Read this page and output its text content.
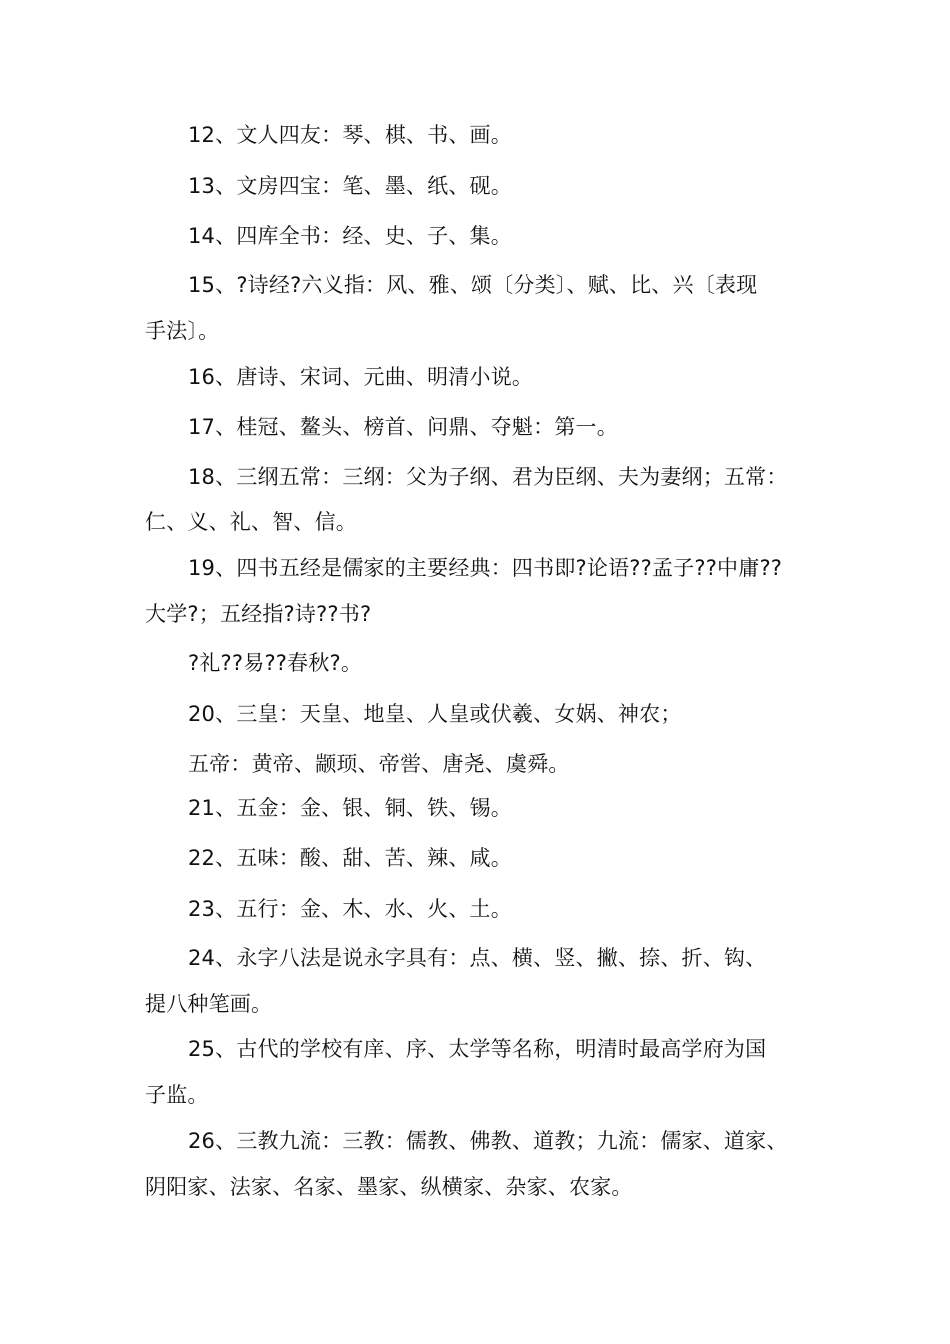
12、文人四友：琴、棋、书、画。
13、文房四宝：笔、墨、纸、砚。
14、四库全书：经、史、子、集。
15、?诗经?六义指：风、雅、颂〔分类〕、赋、比、兴〔表现
手法〕。
16、唐诗、宋词、元曲、明清小说。
17、桂冠、鳌头、榜首、问鼎、夺魁：第一。
18、三纲五常：三纲：父为子纲、君为臣纲、夫为妻纲；五常：
仁、义、礼、智、信。
19、四书五经是儒家的主要经典：四书即?论语??孟子??中庸??
大学?；五经指?诗??书?
?礼??易??春秋?。
20、三皇：天皇、地皇、人皇或伏羲、女娲、神农；
五帝：黄帝、颛顼、帝喾、唐尧、虞舜。
21、五金：金、银、铜、铁、锡。
22、五味：酸、甜、苦、辣、咸。
23、五行：金、木、水、火、土。
24、永字八法是说永字具有：点、横、竖、撇、捺、折、钩、
提八种笔画。
25、古代的学校有庠、序、太学等名称，明清时最高学府为国
子监。
26、三教九流：三教：儒教、佛教、道教；九流：儒家、道家、
阴阳家、法家、名家、墨家、纵横家、杂家、农家。
